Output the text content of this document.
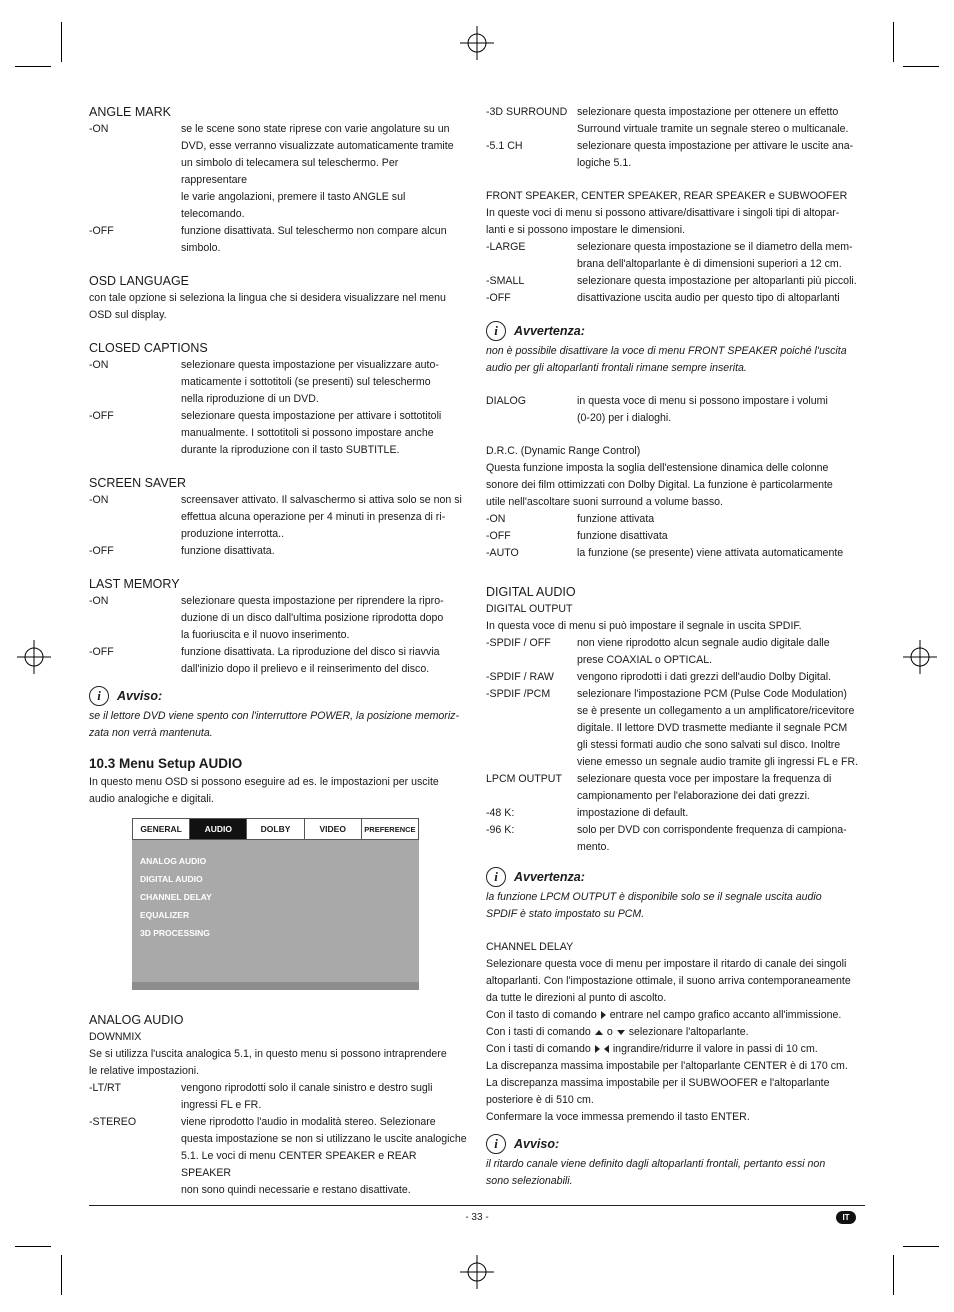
ANGLE MARK

-ON	se le scene sono state riprese con varie angolature su un
DVD, esse verranno visualizzate automaticamente tramite
un simbolo di telecamera sul teleschermo. Per rappresentare
le varie angolazioni, premere il tasto ANGLE sul telecomando.
-OFF	funzione disattivata. Sul teleschermo non compare alcun
simbolo.

OSD LANGUAGE

con tale opzione si seleziona la lingua che si desidera visualizzare nel menu
OSD sul display.

CLOSED CAPTIONS

-ON	selezionare questa impostazione per visualizzare auto-
maticamente i sottotitoli (se presenti) sul teleschermo
nella riproduzione di un DVD.
-OFF	selezionare questa impostazione per attivare i sottotitoli
manualmente. I sottotitoli si possono impostare anche
durante la riproduzione con il tasto SUBTITLE.

SCREEN SAVER

-ON	screensaver attivato. Il salvaschermo si attiva solo se non si
effettua alcuna operazione per 4 minuti in presenza di ri-
produzione interrotta..
-OFF	funzione disattivata.

LAST MEMORY

-ON	selezionare questa impostazione per riprendere la ripro-
duzione di un disco dall'ultima posizione riprodotta dopo
la fuoriuscita e il nuovo inserimento.
-OFF	funzione disattivata. La riproduzione del disco si riavvia
dall'inizio dopo il prelievo e il reinserimento del disco.
i	Avviso:

se il lettore DVD viene spento con l'interruttore POWER, la posizione memoriz-
zata non verrà mantenuta.

10.3 Menu Setup AUDIO

In questo menu OSD si possono eseguire ad es. le impostazioni per uscite
audio analogiche e digitali.

GENERAL	AUDIO	DOLBY	VIDEO	PREFERENCE
ANALOG AUDIO
DIGITAL AUDIO
CHANNEL DELAY
EQUALIZER
3D PROCESSING

ANALOG AUDIO

DOWNMIX

Se si utilizza l'uscita analogica 5.1, in questo menu si possono intraprendere
le relative impostazioni.

-LT/RT	vengono riprodotti solo il canale sinistro e destro sugli
ingressi FL e FR.
-STEREO	viene riprodotto l'audio in modalità stereo. Selezionare
questa impostazione se non si utilizzano le uscite analogiche
5.1. Le voci di menu CENTER SPEAKER e REAR SPEAKER
non sono quindi necessarie e restano disattivate.
-3D SURROUND selezionare questa impostazione per ottenere un effetto
Surround virtuale tramite un segnale stereo o multicanale.
-5.1 CH	selezionare questa impostazione per attivare le uscite ana-
logiche 5.1.

FRONT SPEAKER, CENTER SPEAKER, REAR SPEAKER e SUBWOOFER

In queste voci di menu si possono attivare/disattivare i singoli tipi di altopar-
lanti e si possono impostare le dimensioni.

-LARGE	selezionare questa impostazione se il diametro della mem-
brana dell'altoparlante è di dimensioni superiori a 12 cm.
-SMALL	selezionare questa impostazione per altoparlanti più piccoli.
-OFF	disattivazione uscita audio per questo tipo di altoparlanti
i	Avvertenza:

non è possibile disattivare la voce di menu FRONT SPEAKER poiché l'uscita
audio per gli altoparlanti frontali rimane sempre inserita.

DIALOG	in questa voce di menu si possono impostare i volumi
(0-20) per i dialoghi.

D.R.C. (Dynamic Range Control)

Questa funzione imposta la soglia dell'estensione dinamica delle colonne
sonore dei film ottimizzati con Dolby Digital. La funzione è particolarmente
utile nell'ascoltare suoni surround a volume basso.

-ON	funzione attivata
-OFF	funzione disattivata
-AUTO	la funzione (se presente) viene attivata automaticamente

DIGITAL AUDIO

DIGITAL OUTPUT

In questa voce di menu si può impostare il segnale in uscita SPDIF.

-SPDIF / OFF	non viene riprodotto alcun segnale audio digitale dalle
prese COAXIAL o OPTICAL.
-SPDIF / RAW	vengono riprodotti i dati grezzi dell'audio Dolby Digital.
-SPDIF /PCM	selezionare l'impostazione PCM (Pulse Code Modulation)
se è presente un collegamento a un amplificatore/ricevitore
digitale. Il lettore DVD trasmette mediante il segnale PCM
gli stessi formati audio che sono salvati sul disco. Inoltre
viene emesso un segnale audio tramite gli ingressi FL e FR.
LPCM OUTPUT	selezionare questa voce per impostare la frequenza di
campionamento per l'elaborazione dei dati grezzi.
-48 K:	impostazione di default.
-96 K:	solo per DVD con corrispondente frequenza di campiona-
mento.
i	Avvertenza:

la funzione LPCM OUTPUT è disponibile solo se il segnale uscita audio
SPDIF è stato impostato su PCM.

CHANNEL DELAY

Selezionare questa voce di menu per impostare il ritardo di canale dei singoli
altoparlanti. Con l'impostazione ottimale, il suono arriva contemporaneamente
da tutte le direzioni al punto di ascolto.

Con il tasto di comando entrare nel campo grafico accanto all'immissione.

Con i tasti di comando o selezionare l'altoparlante.

Con i tasti di comando ingrandire/ridurre il valore in passi di 10 cm.

La discrepanza massima impostabile per l'altoparlante CENTER è di 170 cm.
La discrepanza massima impostabile per il SUBWOOFER e l'altoparlante
posteriore è di 510 cm.
Confermare la voce immessa premendo il tasto ENTER.

i	Avviso:

il ritardo canale viene definito dagli altoparlanti frontali, pertanto essi non
sono selezionabili.

- 33 -	IT
